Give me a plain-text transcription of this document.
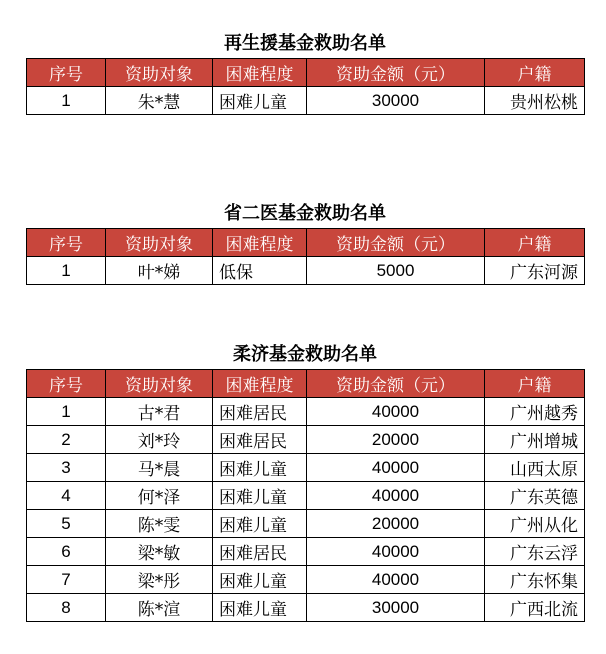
再生援基金救助名单
序号	资助对象	困难程度	资助金额（元）	户籍
1	朱*慧	困难儿童	30000	贵州松桃
省二医基金救助名单
序号	资助对象	困难程度	资助金额（元）	户籍
1	叶*娣	低保	5000	广东河源
柔济基金救助名单
序号	资助对象	困难程度	资助金额（元）	户籍
1	古*君	困难居民	40000	广州越秀
2	刘*玲	困难居民	20000	广州增城
3	马*晨	困难儿童	40000	山西太原
4	何*泽	困难儿童	40000	广东英德
5	陈*雯	困难儿童	20000	广州从化
6	梁*敏	困难居民	40000	广东云浮
7	梁*彤	困难儿童	40000	广东怀集
8	陈*渲	困难儿童	30000	广西北流
